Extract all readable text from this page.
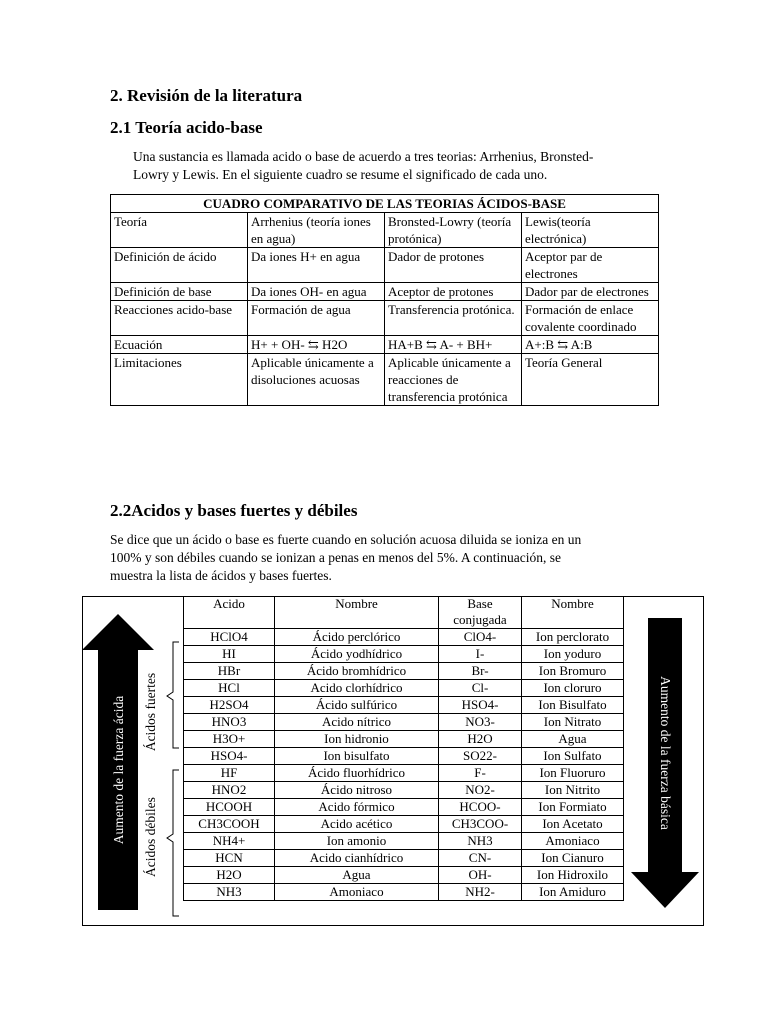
2. Revisión de la literatura
2.1 Teoría acido-base

Una sustancia es llamada acido o base de acuerdo a tres teorias: Arrhenius, Bronsted-
Lowry y Lewis. En el siguiente cuadro se resume el significado de cada uno.

CUADRO COMPARATIVO DE LAS TEORIAS ÁCIDOS-BASE			
Teoría	Arrhenius (teoría iones en agua)	Bronsted-Lowry (teoría protónica)	Lewis(teoría electrónica)
Definición de ácido	Da iones H+ en agua	Dador de protones	Aceptor par de electrones
Definición de base	Da iones OH- en agua	Aceptor de protones	Dador par de electrones
Reacciones acido-base	Formación de agua	Transferencia protónica.	Formación de enlace covalente coordinado
Ecuación	H+ + OH- ⇆ H2O	HA+B ⇆ A- + BH+	A+:B ⇆ A:B
Limitaciones	Aplicable únicamente a disoluciones acuosas	Aplicable únicamente a reacciones de transferencia protónica	Teoría General
2.2Acidos y bases fuertes y débiles

Se dice que un ácido o base es fuerte cuando en solución acuosa diluida se ioniza en un
100% y son débiles cuando se ionizan a penas en menos del 5%. A continuación, se
muestra la lista de ácidos y bases fuertes.

Aumento de la fuerza ácida Ácidos fuertes
Ácidos débiles
Aumento de la fuerza básica
Acido	Nombre	Base conjugada	Nombre
HClO4	Ácido perclórico	ClO4-	Ion perclorato
HI	Ácido yodhídrico	I-	Ion yoduro
HBr	Ácido bromhídrico	Br-	Ion Bromuro
HCl	Acido clorhídrico	Cl-	Ion cloruro
H2SO4	Ácido sulfúrico	HSO4-	Ion Bisulfato
HNO3	Acido nítrico	NO3-	Ion Nitrato
H3O+	Ion hidronio	H2O	Agua
HSO4-	Ion bisulfato	SO22-	Ion Sulfato
HF	Ácido fluorhídrico	F-	Ion Fluoruro
HNO2	Ácido nitroso	NO2-	Ion Nitrito
HCOOH	Acido fórmico	HCOO-	Ion Formiato
CH3COOH	Acido acético	CH3COO-	Ion Acetato
NH4+	Ion amonio	NH3	Amoniaco
HCN	Acido cianhídrico	CN-	Ion Cianuro
H2O	Agua	OH-	Ion Hidroxilo
NH3	Amoniaco	NH2-	Ion Amiduro
